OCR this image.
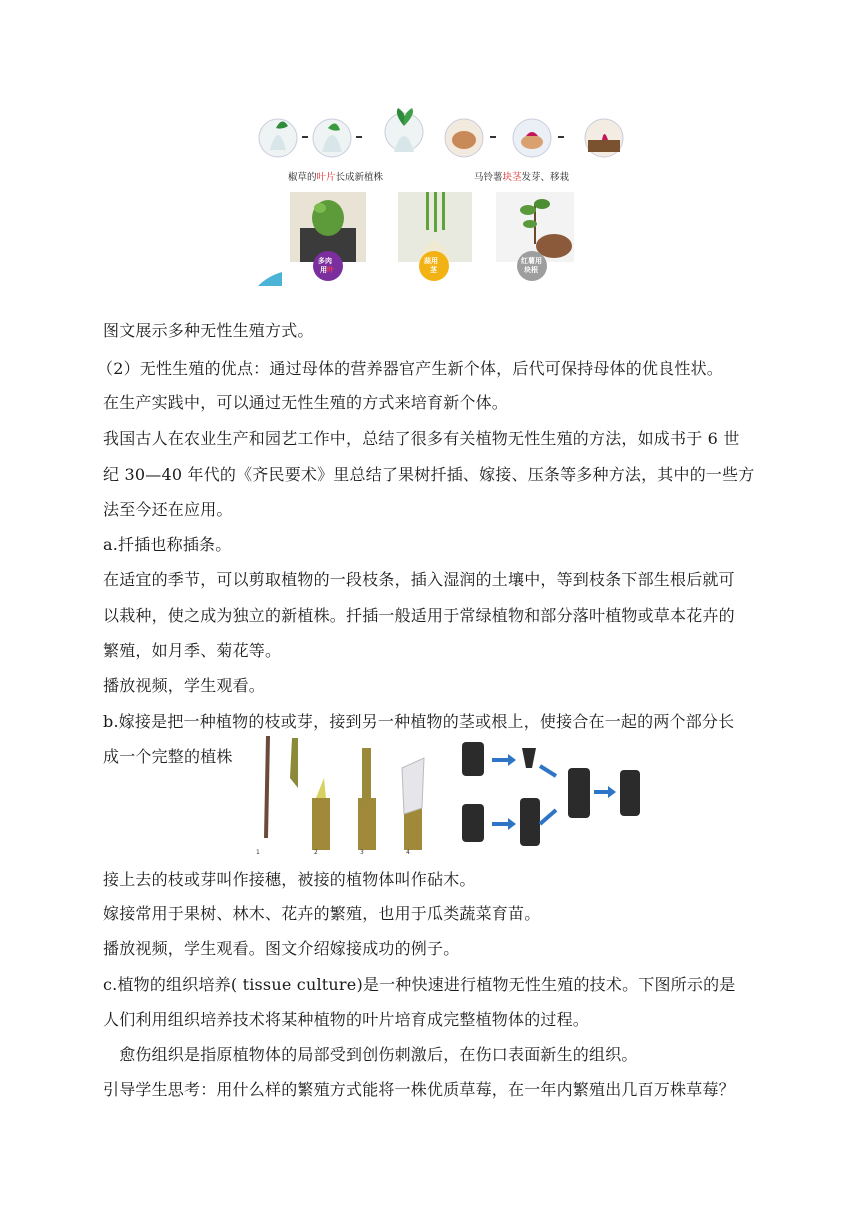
椒草的叶片长成新植株	马铃薯块茎发芽、移栽
多肉
用叶
蒜用
茎
红薯用
块根
1	2	3	4
图文展示多种无性生殖方式。
（2）无性生殖的优点：通过母体的营养器官产生新个体，后代可保持母体的优良性状。
在生产实践中，可以通过无性生殖的方式来培育新个体。
我国古人在农业生产和园艺工作中，总结了很多有关植物无性生殖的方法，如成书于 6 世
纪 30—40 年代的《齐民要术》里总结了果树扦插、嫁接、压条等多种方法，其中的一些方
法至今还在应用。
a.扦插也称插条。
在适宜的季节，可以剪取植物的一段枝条，插入湿润的土壤中，等到枝条下部生根后就可
以栽种，使之成为独立的新植株。扦插一般适用于常绿植物和部分落叶植物或草本花卉的
繁殖，如月季、菊花等。
播放视频，学生观看。
b.嫁接是把一种植物的枝或芽，接到另一种植物的茎或根上，使接合在一起的两个部分长
成一个完整的植株
接上去的枝或芽叫作接穗，被接的植物体叫作砧木。
嫁接常用于果树、林木、花卉的繁殖，也用于瓜类蔬菜育苗。
播放视频，学生观看。图文介绍嫁接成功的例子。
c.植物的组织培养( tissue culture)是一种快速进行植物无性生殖的技术。下图所示的是
人们利用组织培养技术将某种植物的叶片培育成完整植物体的过程。
　愈伤组织是指原植物体的局部受到创伤刺激后，在伤口表面新生的组织。
引导学生思考：用什么样的繁殖方式能将一株优质草莓，在一年内繁殖出几百万株草莓？
